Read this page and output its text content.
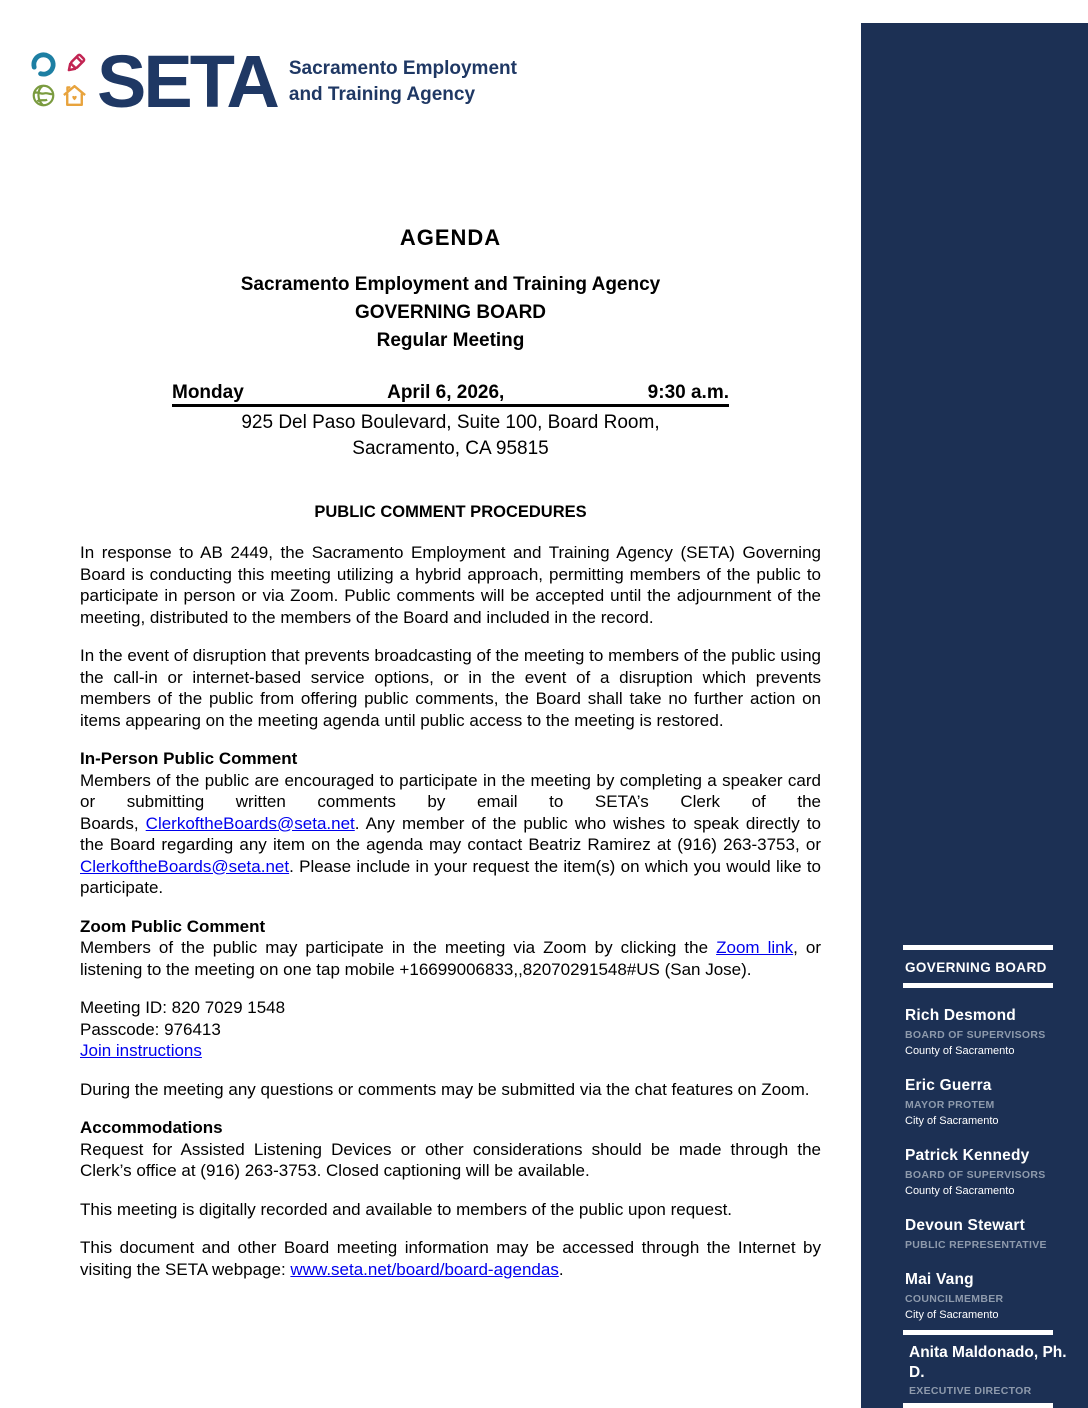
SETA Sacramento Employment
and Training Agency
AGENDA
Sacramento Employment and Training Agency
GOVERNING BOARD
Regular Meeting
Monday	April 6, 2026,	9:30 a.m.
925 Del Paso Boulevard, Suite 100, Board Room,
Sacramento, CA 95815
PUBLIC COMMENT PROCEDURES

In response to AB 2449, the Sacramento Employment and Training Agency (SETA) Governing Board is conducting this meeting utilizing a hybrid approach, permitting members of the public to participate in person or via Zoom. Public comments will be accepted until the adjournment of the meeting, distributed to the members of the Board and included in the record.

In the event of disruption that prevents broadcasting of the meeting to members of the public using the call-in or internet-based service options, or in the event of a disruption which prevents members of the public from offering public comments, the Board shall take no further action on items appearing on the meeting agenda until public access to the meeting is restored.

In-Person Public Comment

Members of the public are encouraged to participate in the meeting by completing a speaker card or submitting written comments by email to SETA’s Clerk of the Boards, ClerkoftheBoards@seta.net. Any member of the public who wishes to speak directly to the Board regarding any item on the agenda may contact Beatriz Ramirez at (916) 263-3753, or ClerkoftheBoards@seta.net. Please include in your request the item(s) on which you would like to participate.

Zoom Public Comment

Members of the public may participate in the meeting via Zoom by clicking the Zoom link, or listening to the meeting on one tap mobile +16699006833,,82070291548#US (San Jose).

Meeting ID: 820 7029 1548
Passcode: 976413
Join instructions

During the meeting any questions or comments may be submitted via the chat features on Zoom.

Accommodations

Request for Assisted Listening Devices or other considerations should be made through the Clerk’s office at (916) 263-3753. Closed captioning will be available.

This meeting is digitally recorded and available to members of the public upon request.

This document and other Board meeting information may be accessed through the Internet by visiting the SETA webpage: www.seta.net/board/board-agendas.

GOVERNING BOARD
Rich Desmond
BOARD OF SUPERVISORS
County of Sacramento
Eric Guerra
MAYOR PROTEM
City of Sacramento
Patrick Kennedy
BOARD OF SUPERVISORS
County of Sacramento
Devoun Stewart
PUBLIC REPRESENTATIVE
Mai Vang
COUNCILMEMBER
City of Sacramento
Anita Maldonado, Ph. D.
EXECUTIVE DIRECTOR
